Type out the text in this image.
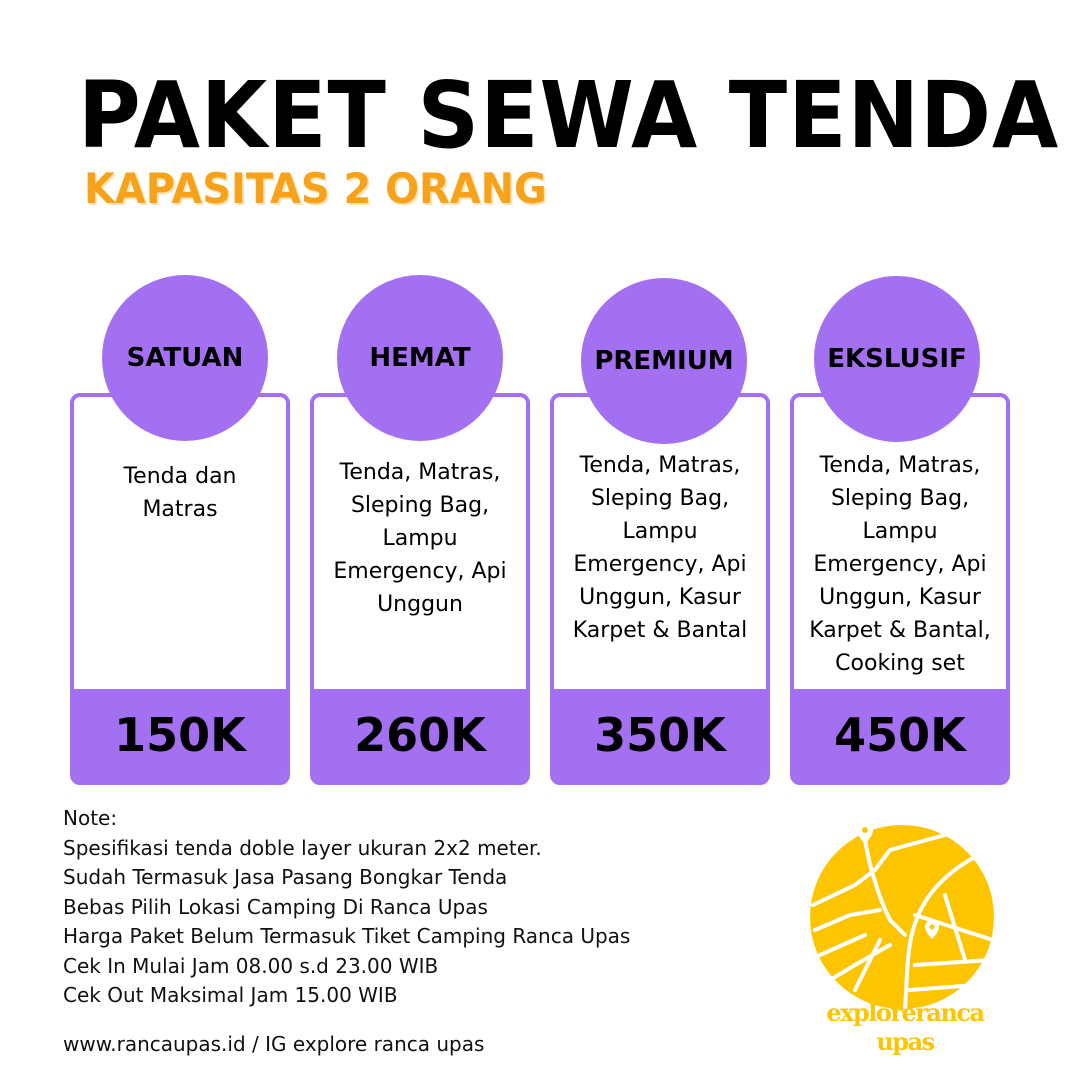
PAKET SEWA TENDA
KAPASITAS 2 ORANG
Tenda dan
Matras
150K
SATUAN
Tenda, Matras,
Sleping Bag,
Lampu
Emergency, Api
Unggun
260K
HEMAT
Tenda, Matras,
Sleping Bag,
Lampu
Emergency, Api
Unggun, Kasur
Karpet & Bantal
350K
PREMIUM
Tenda, Matras,
Sleping Bag,
Lampu
Emergency, Api
Unggun, Kasur
Karpet & Bantal,
Cooking set
450K
EKSLUSIF
Note:
Spesifikasi tenda doble layer ukuran 2x2 meter.
Sudah Termasuk Jasa Pasang Bongkar Tenda
Bebas Pilih Lokasi Camping Di Ranca Upas
Harga Paket Belum Termasuk Tiket Camping Ranca Upas
Cek In Mulai Jam 08.00 s.d 23.00 WIB
Cek Out Maksimal Jam 15.00 WIB
www.rancaupas.id / IG explore ranca upas
exploreranca upas
